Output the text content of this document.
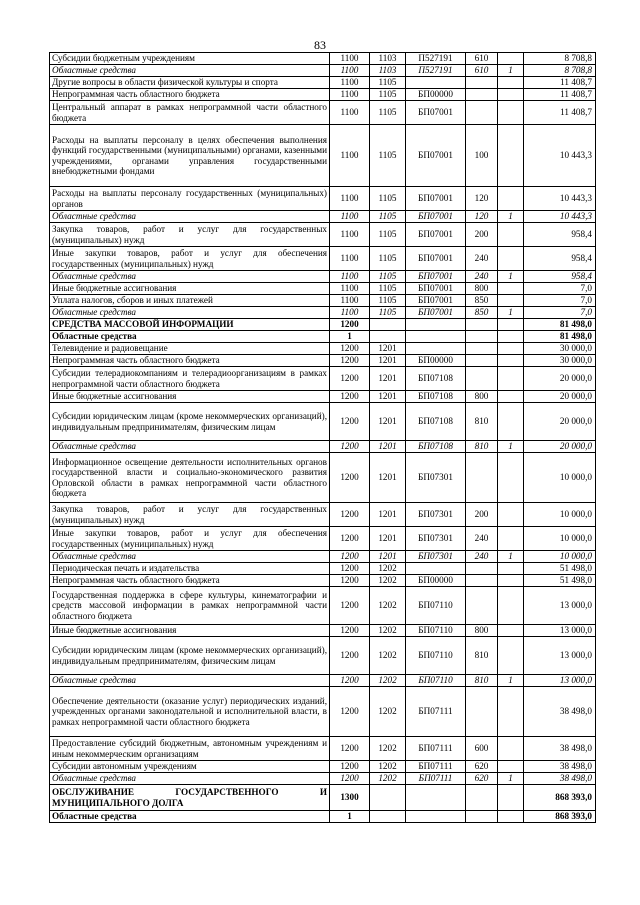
83
Субсидии бюджетным учреждениям	1100	1103	П527191	610		8 708,8
Областные средства	1100	1103	П527191	610	1	8 708,8
Другие вопросы в области физической культуры и спорта	1100	1105				11 408,7
Непрограммная часть областного бюджета	1100	1105	БП00000			11 408,7
Центральный аппарат в рамках непрограммной части областного бюджета	1100	1105	БП07001			11 408,7
Расходы на выплаты персоналу в целях обеспечения выполнения функций государственными (муниципальными) органами, казенными учреждениями, органами управления государственными внебюджетными фондами	1100	1105	БП07001	100		10 443,3
Расходы на выплаты персоналу государственных (муниципальных) органов	1100	1105	БП07001	120		10 443,3
Областные средства	1100	1105	БП07001	120	1	10 443,3
Закупка товаров, работ и услуг для государственных (муниципальных) нужд	1100	1105	БП07001	200		958,4
Иные закупки товаров, работ и услуг для обеспечения государственных (муниципальных) нужд	1100	1105	БП07001	240		958,4
Областные средства	1100	1105	БП07001	240	1	958,4
Иные бюджетные ассигнования	1100	1105	БП07001	800		7,0
Уплата налогов, сборов и иных платежей	1100	1105	БП07001	850		7,0
Областные средства	1100	1105	БП07001	850	1	7,0
СРЕДСТВА МАССОВОЙ ИНФОРМАЦИИ	1200					81 498,0
Областные средства	1					81 498,0
Телевидение и радиовещание	1200	1201				30 000,0
Непрограммная часть областного бюджета	1200	1201	БП00000			30 000,0
Субсидии телерадиокомпаниям и телерадиоорганизациям в рамках непрограммной части областного бюджета	1200	1201	БП07108			20 000,0
Иные бюджетные ассигнования	1200	1201	БП07108	800		20 000,0
Субсидии юридическим лицам (кроме некоммерческих организаций), индивидуальным предпринимателям, физическим лицам	1200	1201	БП07108	810		20 000,0
Областные средства	1200	1201	БП07108	810	1	20 000,0
Информационное освещение деятельности исполнительных органов государственной власти и социально-экономического развития Орловской области в рамках непрограммной части областного бюджета	1200	1201	БП07301			10 000,0
Закупка товаров, работ и услуг для государственных (муниципальных) нужд	1200	1201	БП07301	200		10 000,0
Иные закупки товаров, работ и услуг для обеспечения государственных (муниципальных) нужд	1200	1201	БП07301	240		10 000,0
Областные средства	1200	1201	БП07301	240	1	10 000,0
Периодическая печать и издательства	1200	1202				51 498,0
Непрограммная часть областного бюджета	1200	1202	БП00000			51 498,0
Государственная поддержка в сфере культуры, кинематографии и средств массовой информации в рамках непрограммной части областного бюджета	1200	1202	БП07110			13 000,0
Иные бюджетные ассигнования	1200	1202	БП07110	800		13 000,0
Субсидии юридическим лицам (кроме некоммерческих организаций), индивидуальным предпринимателям, физическим лицам	1200	1202	БП07110	810		13 000,0
Областные средства	1200	1202	БП07110	810	1	13 000,0
Обеспечение деятельности (оказание услуг) периодических изданий, учрежденных органами законодательной и исполнительной власти, в рамках непрограммной части областного бюджета	1200	1202	БП07111			38 498,0
Предоставление субсидий бюджетным, автономным учреждениям и иным некоммерческим организациям	1200	1202	БП07111	600		38 498,0
Субсидии автономным учреждениям	1200	1202	БП07111	620		38 498,0
Областные средства	1200	1202	БП07111	620	1	38 498,0
ОБСЛУЖИВАНИЕ ГОСУДАРСТВЕННОГО И МУНИЦИПАЛЬНОГО ДОЛГА	1300					868 393,0
Областные средства	1					868 393,0
